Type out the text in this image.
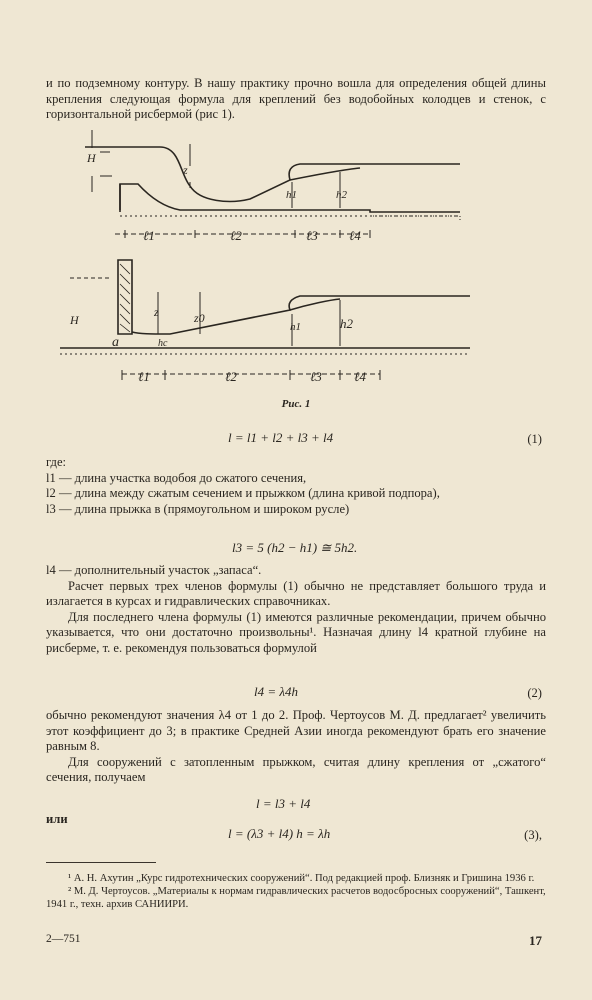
и по подземному контуру. В нашу практику прочно вошла для определения общей длины крепления следующая формула для креплений без водобойных колодцев и стенок, с горизонтальной рисбермой (рис 1).

H
z
h1	h2
ℓ1	ℓ2	ℓ3 ℓ4
H
z	z0
a	hc
h1	h2
ℓ1	ℓ2	ℓ3 ℓ4
Рис. 1
l = l1 + l2 + l3 + l4	(1)

где:

l1 — длина участка водобоя до сжатого сечения,

l2 — длина между сжатым сечением и прыжком (длина кривой подпора),

l3 — длина прыжка в (прямоугольном и широком русле)

l3 = 5 (h2 − h1) ≅ 5h2.

l4 — дополнительный участок „запаса“.

Расчет первых трех членов формулы (1) обычно не представляет большого труда и излагается в курсах и гидравлических справочниках.

Для последнего члена формулы (1) имеются различные рекомендации, причем обычно указывается, что они достаточно произвольны¹. Назначая длину l4 кратной глубине на рисберме, т. е. рекомендуя пользоваться формулой

l4 = λ4h	(2)

обычно рекомендуют значения λ4 от 1 до 2. Проф. Чертоусов М. Д. предлагает² увеличить этот коэффициент до 3; в практике Средней Азии иногда рекомендуют брать его значение равным 8.

Для сооружений с затопленным прыжком, считая длину крепления от „сжатого“ сечения, получаем

l = l3 + l4
или
l = (λ3 + l4) h = λh	(3),

¹ А. Н. Ахутин „Курс гидротехнических сооружений“. Под редакцией проф. Близняк и Гришина 1936 г.

² М. Д. Чертоусов. „Материалы к нормам гидравлических расчетов водосбросных сооружений“, Ташкент, 1941 г., техн. архив САНИИРИ.

2—751	17
